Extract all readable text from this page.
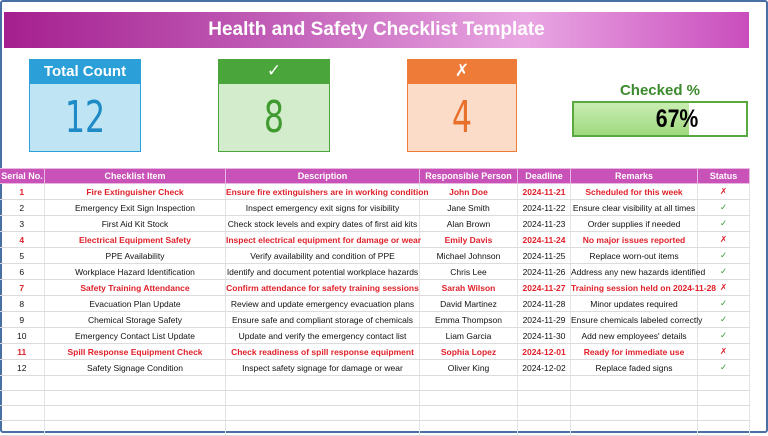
Health and Safety Checklist Template
Total Count
12
✓
8
✗
4
Checked %
67%
Serial No.	Checklist Item	Description	Responsible Person	Deadline	Remarks	Status
1	Fire Extinguisher Check	Ensure fire extinguishers are in working condition	John Doe	2024-11-21	Scheduled for this week	✗
2	Emergency Exit Sign Inspection	Inspect emergency exit signs for visibility	Jane Smith	2024-11-22	Ensure clear visibility at all times	✓
3	First Aid Kit Stock	Check stock levels and expiry dates of first aid kits	Alan Brown	2024-11-23	Order supplies if needed	✓
4	Electrical Equipment Safety	Inspect electrical equipment for damage or wear	Emily Davis	2024-11-24	No major issues reported	✗
5	PPE Availability	Verify availability and condition of PPE	Michael Johnson	2024-11-25	Replace worn-out items	✓
6	Workplace Hazard Identification	Identify and document potential workplace hazards	Chris Lee	2024-11-26	Address any new hazards identified	✓
7	Safety Training Attendance	Confirm attendance for safety training sessions	Sarah Wilson	2024-11-27	Training session held on 2024-11-28	✗
8	Evacuation Plan Update	Review and update emergency evacuation plans	David Martinez	2024-11-28	Minor updates required	✓
9	Chemical Storage Safety	Ensure safe and compliant storage of chemicals	Emma Thompson	2024-11-29	Ensure chemicals labeled correctly	✓
10	Emergency Contact List Update	Update and verify the emergency contact list	Liam Garcia	2024-11-30	Add new employees' details	✓
11	Spill Response Equipment Check	Check readiness of spill response equipment	Sophia Lopez	2024-12-01	Ready for immediate use	✗
12	Safety Signage Condition	Inspect safety signage for damage or wear	Oliver King	2024-12-02	Replace faded signs	✓
